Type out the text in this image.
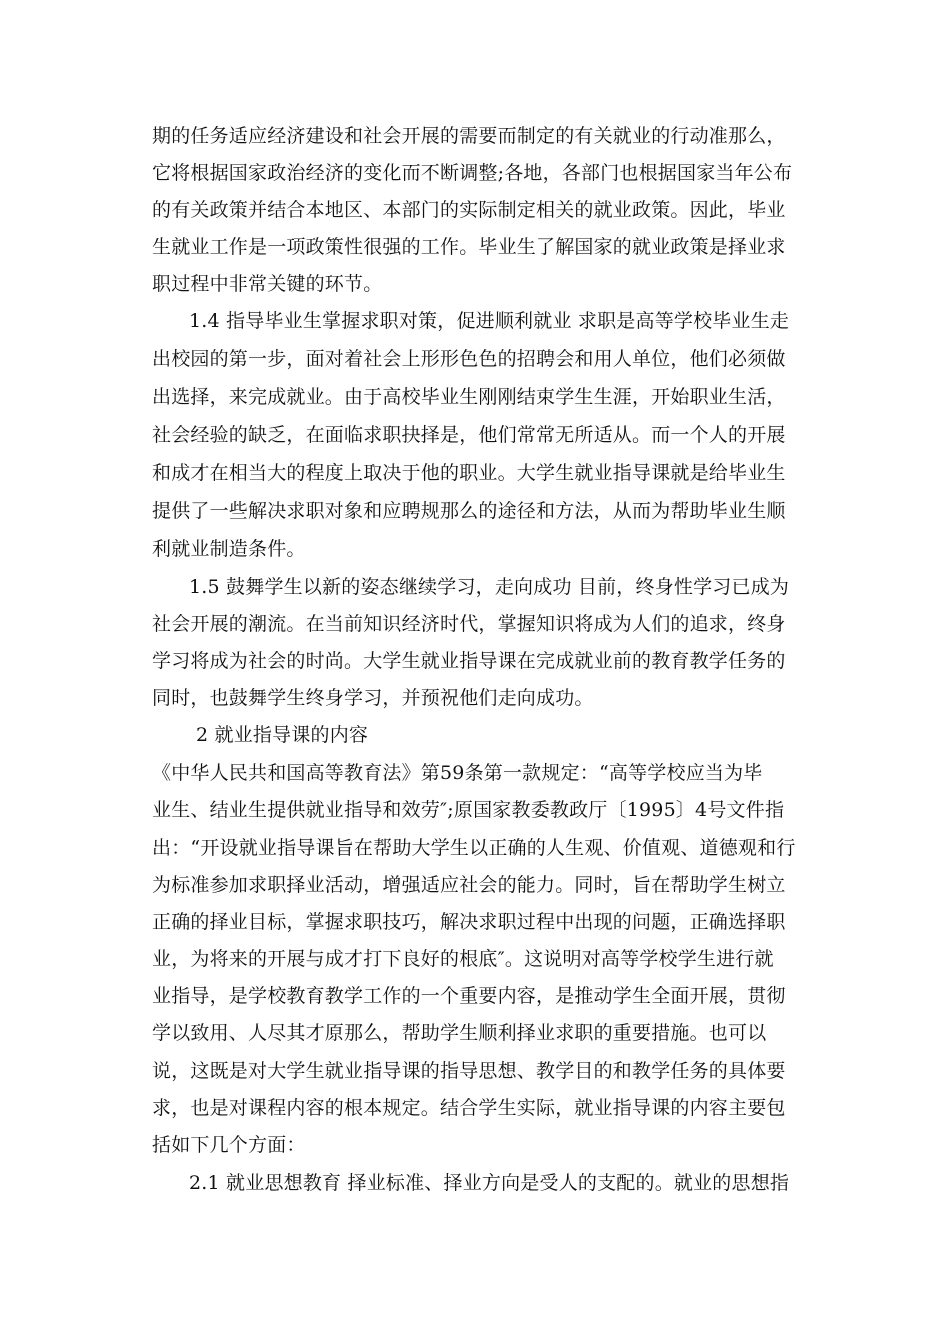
期的任务适应经济建设和社会开展的需要而制定的有关就业的行动准那么，
它将根据国家政治经济的变化而不断调整;各地，各部门也根据国家当年公布
的有关政策并结合本地区、本部门的实际制定相关的就业政策。因此，毕业
生就业工作是一项政策性很强的工作。毕业生了解国家的就业政策是择业求
职过程中非常关键的环节。
1.4 指导毕业生掌握求职对策，促进顺利就业 求职是高等学校毕业生走
出校园的第一步，面对着社会上形形色色的招聘会和用人单位，他们必须做
出选择，来完成就业。由于高校毕业生刚刚结束学生生涯，开始职业生活，
社会经验的缺乏，在面临求职抉择是，他们常常无所适从。而一个人的开展
和成才在相当大的程度上取决于他的职业。大学生就业指导课就是给毕业生
提供了一些解决求职对象和应聘规那么的途径和方法，从而为帮助毕业生顺
利就业制造条件。
1.5 鼓舞学生以新的姿态继续学习，走向成功 目前，终身性学习已成为
社会开展的潮流。在当前知识经济时代，掌握知识将成为人们的追求，终身
学习将成为社会的时尚。大学生就业指导课在完成就业前的教育教学任务的
同时，也鼓舞学生终身学习，并预祝他们走向成功。
2 就业指导课的内容
《中华人民共和国高等教育法》第59条第一款规定：“高等学校应当为毕
业生、结业生提供就业指导和效劳″;原国家教委教政厅〔1995〕4号文件指
出：“开设就业指导课旨在帮助大学生以正确的人生观、价值观、道德观和行
为标准参加求职择业活动，增强适应社会的能力。同时，旨在帮助学生树立
正确的择业目标，掌握求职技巧，解决求职过程中出现的问题，正确选择职
业，为将来的开展与成才打下良好的根底″。这说明对高等学校学生进行就
业指导，是学校教育教学工作的一个重要内容，是推动学生全面开展，贯彻
学以致用、人尽其才原那么，帮助学生顺利择业求职的重要措施。也可以
说，这既是对大学生就业指导课的指导思想、教学目的和教学任务的具体要
求，也是对课程内容的根本规定。结合学生实际，就业指导课的内容主要包
括如下几个方面：
2.1 就业思想教育 择业标准、择业方向是受人的支配的。就业的思想指
